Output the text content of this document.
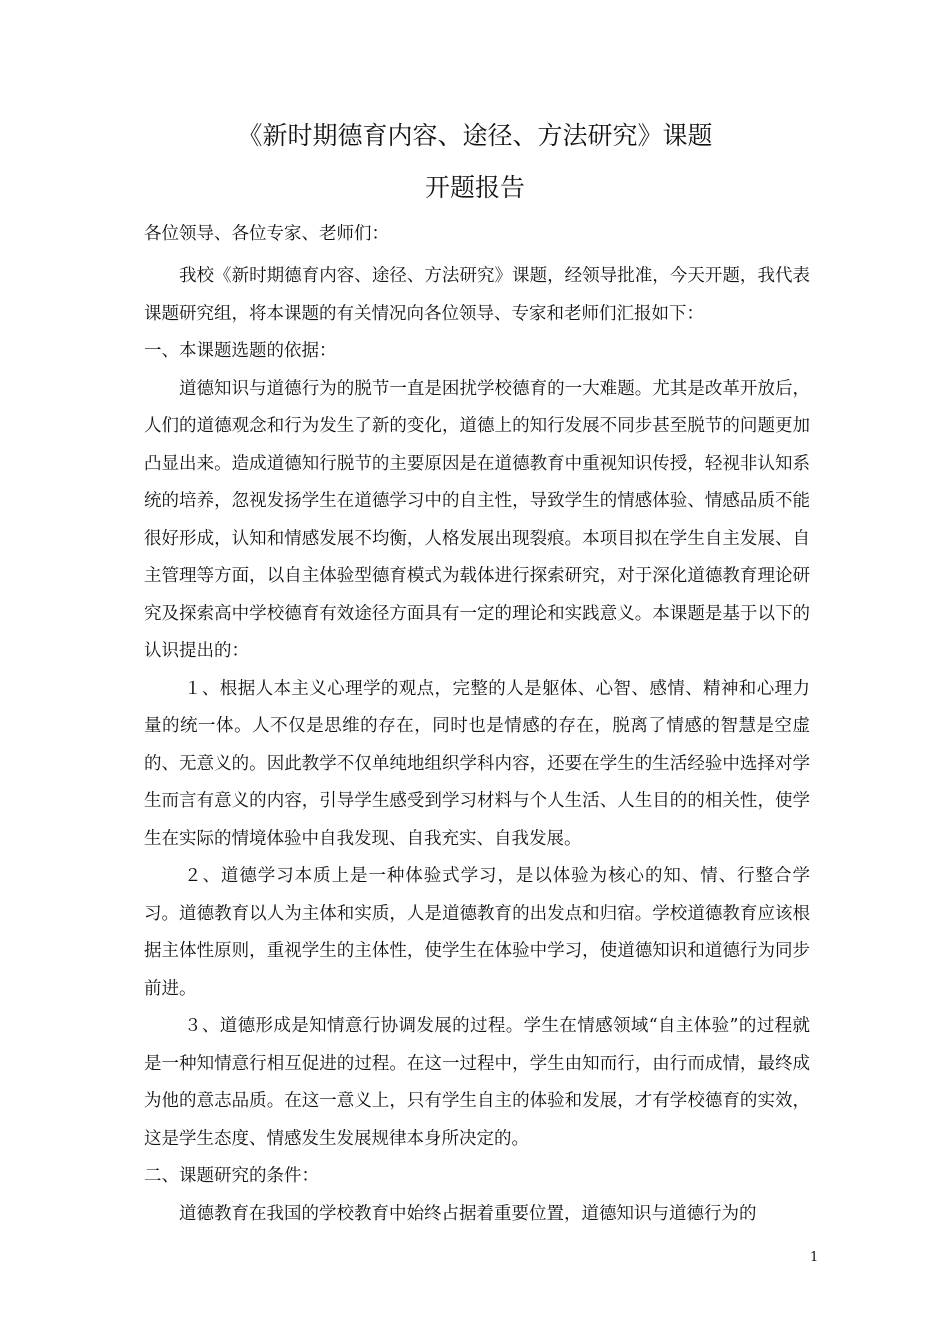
《新时期德育内容、途径、方法研究》课题
开题报告

各位领导、各位专家、老师们：

我校《新时期德育内容、途径、方法研究》课题，经领导批准，今天开题，我代表课题研究组，将本课题的有关情况向各位领导、专家和老师们汇报如下：

一、本课题选题的依据：

道德知识与道德行为的脱节一直是困扰学校德育的一大难题。尤其是改革开放后，人们的道德观念和行为发生了新的变化，道德上的知行发展不同步甚至脱节的问题更加凸显出来。造成道德知行脱节的主要原因是在道德教育中重视知识传授，轻视非认知系统的培养，忽视发扬学生在道德学习中的自主性，导致学生的情感体验、情感品质不能很好形成，认知和情感发展不均衡，人格发展出现裂痕。本项目拟在学生自主发展、自主管理等方面，以自主体验型德育模式为载体进行探索研究，对于深化道德教育理论研究及探索高中学校德育有效途径方面具有一定的理论和实践意义。本课题是基于以下的认识提出的：

１、根据人本主义心理学的观点，完整的人是躯体、心智、感情、精神和心理力量的统一体。人不仅是思维的存在，同时也是情感的存在，脱离了情感的智慧是空虚的、无意义的。因此教学不仅单纯地组织学科内容，还要在学生的生活经验中选择对学生而言有意义的内容，引导学生感受到学习材料与个人生活、人生目的的相关性，使学生在实际的情境体验中自我发现、自我充实、自我发展。

２、道德学习本质上是一种体验式学习，是以体验为核心的知、情、行整合学习。道德教育以人为主体和实质，人是道德教育的出发点和归宿。学校道德教育应该根据主体性原则，重视学生的主体性，使学生在体验中学习，使道德知识和道德行为同步前进。

３、道德形成是知情意行协调发展的过程。学生在情感领域“自主体验”的过程就是一种知情意行相互促进的过程。在这一过程中，学生由知而行，由行而成情，最终成为他的意志品质。在这一意义上，只有学生自主的体验和发展，才有学校德育的实效，这是学生态度、情感发生发展规律本身所决定的。

二、课题研究的条件：

道德教育在我国的学校教育中始终占据着重要位置，道德知识与道德行为的

1
